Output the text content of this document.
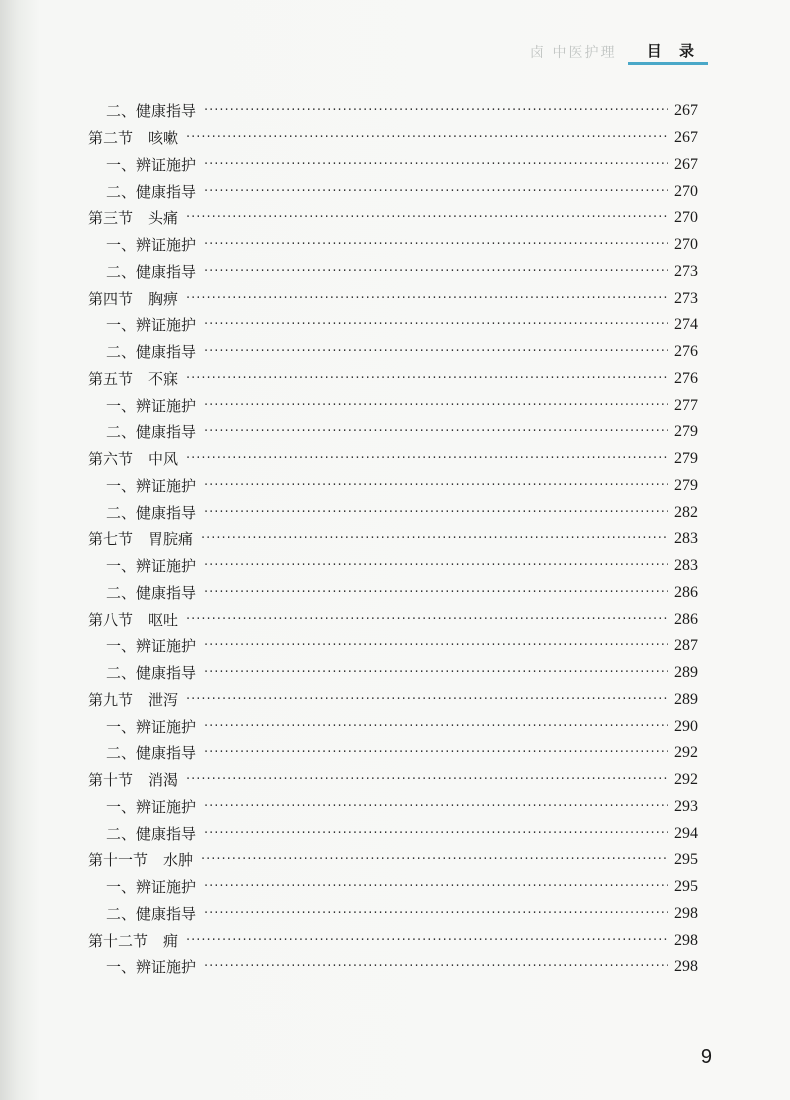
卤 中医护理 目 录
二、健康指导 ·····	267
第二节　咳嗽 ·····	267
一、辨证施护 ·····	267
二、健康指导 ·····	270
第三节　头痛 ·····	270
一、辨证施护 ·····	270
二、健康指导 ·····	273
第四节　胸痹 ·····	273
一、辨证施护 ·····	274
二、健康指导 ·····	276
第五节　不寐 ·····	276
一、辨证施护 ·····	277
二、健康指导 ·····	279
第六节　中风 ·····	279
一、辨证施护 ·····	279
二、健康指导 ·····	282
第七节　胃脘痛 ·····	283
一、辨证施护 ·····	283
二、健康指导 ·····	286
第八节　呕吐 ·····	286
一、辨证施护 ·····	287
二、健康指导 ·····	289
第九节　泄泻 ·····	289
一、辨证施护 ·····	290
二、健康指导 ·····	292
第十节　消渴 ·····	292
一、辨证施护 ·····	293
二、健康指导 ·····	294
第十一节　水肿 ·····	295
一、辨证施护 ·····	295
二、健康指导 ·····	298
第十二节　痈 ·····	298
一、辨证施护 ·····	298
9
